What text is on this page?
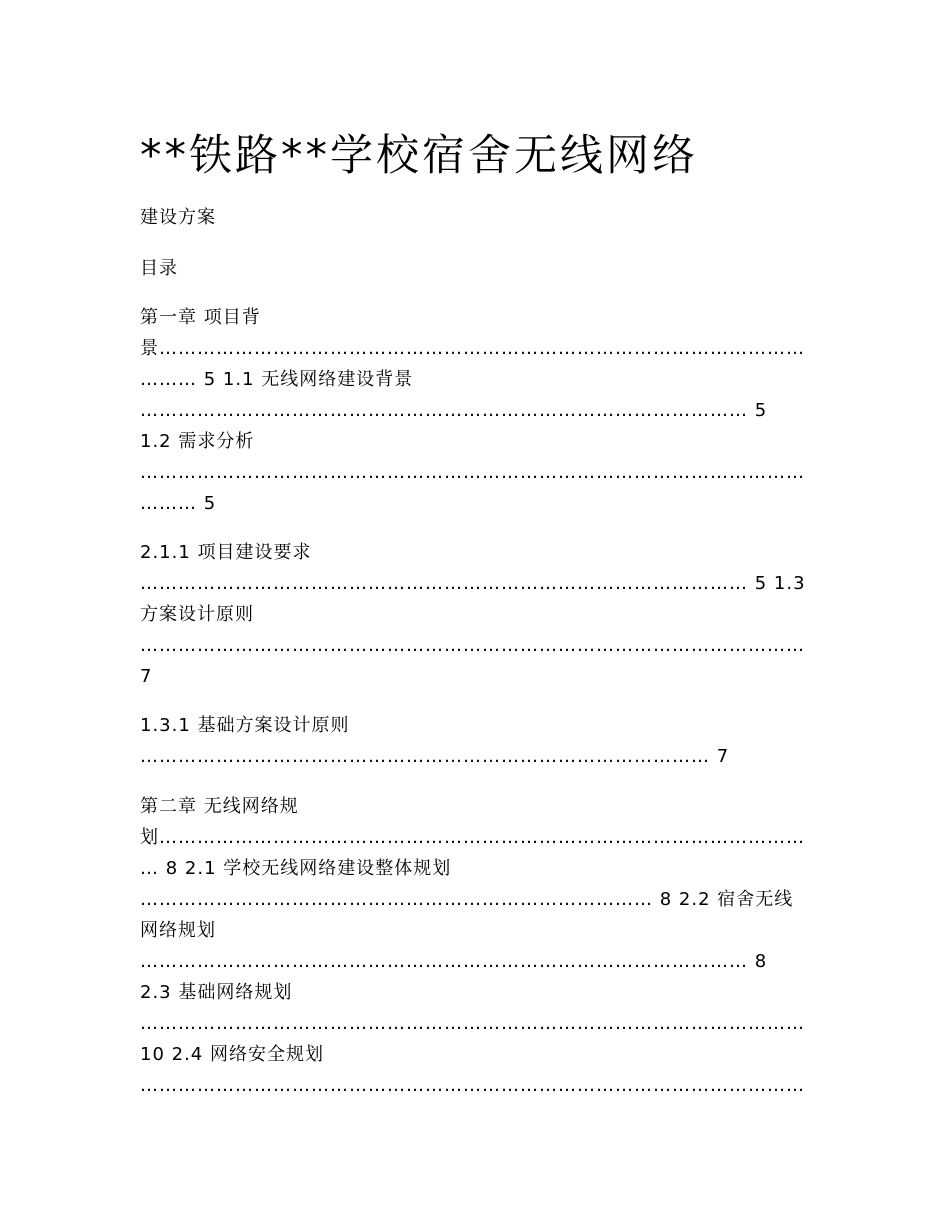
**铁路**学校宿舍无线网络
建设方案
目录
第一章 项目背
景…………………………………………………………………………………………
……… 5 1.1 无线网络建设背景
…………………………………………………………………………………… 5
1.2 需求分析
……………………………………………………………………………………………
……… 5
2.1.1 项目建设要求
…………………………………………………………………………………… 5 1.3
方案设计原则
……………………………………………………………………………………………
7
1.3.1 基础方案设计原则
……………………………………………………………………………… 7
第二章 无线网络规
划…………………………………………………………………………………………
… 8 2.1 学校无线网络建设整体规划
……………………………………………………………………… 8 2.2 宿舍无线
网络规划
…………………………………………………………………………………… 8
2.3 基础网络规划
……………………………………………………………………………………………
10 2.4 网络安全规划
……………………………………………………………………………………………
